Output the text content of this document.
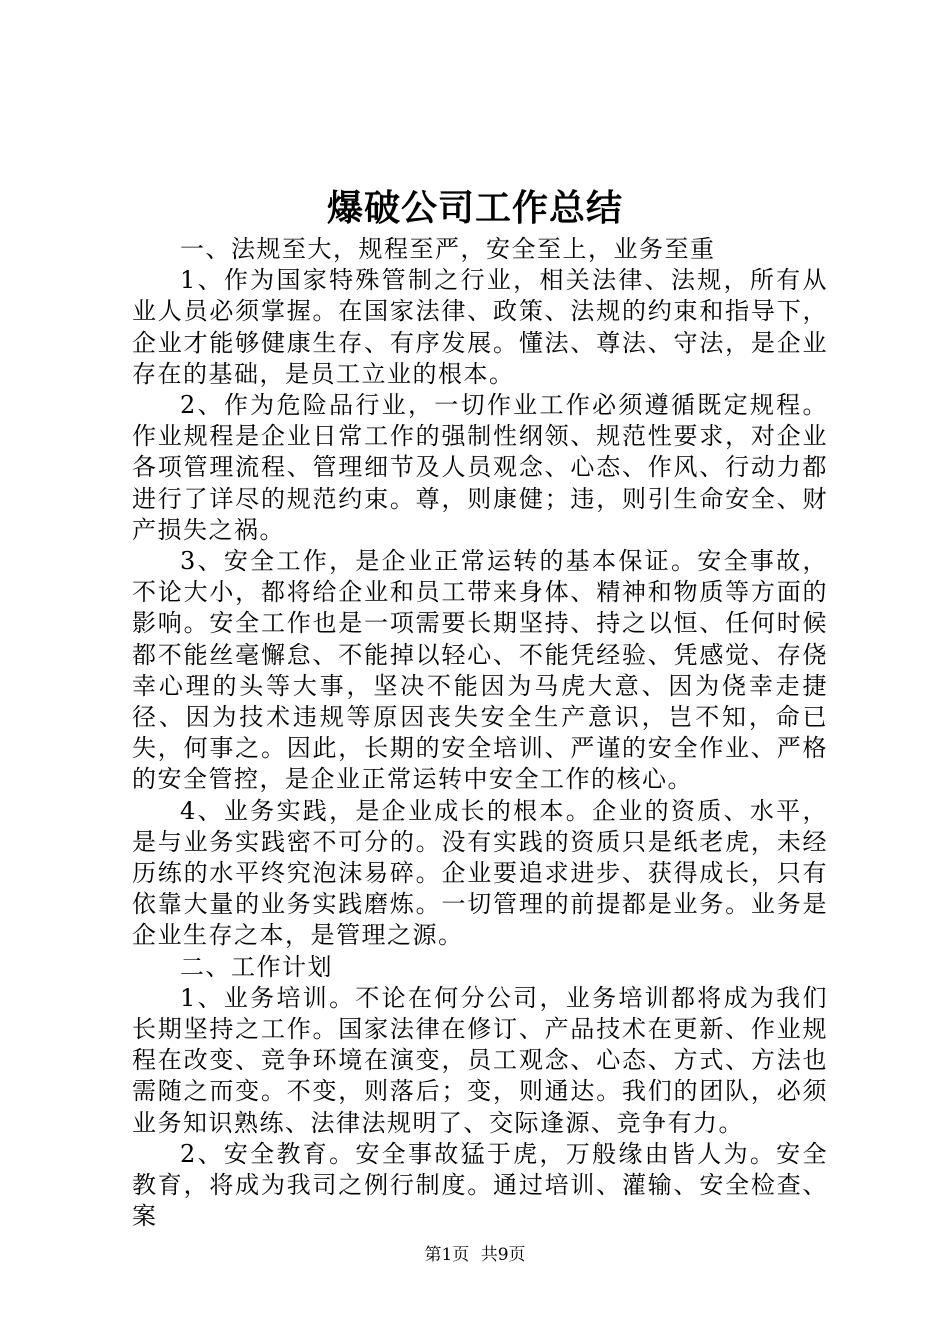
爆破公司工作总结

一、法规至大，规程至严，安全至上，业务至重

1、作为国家特殊管制之行业，相关法律、法规，所有从业人员必须掌握。在国家法律、政策、法规的约束和指导下，企业才能够健康生存、有序发展。懂法、尊法、守法，是企业存在的基础，是员工立业的根本。

2、作为危险品行业，一切作业工作必须遵循既定规程。作业规程是企业日常工作的强制性纲领、规范性要求，对企业各项管理流程、管理细节及人员观念、心态、作风、行动力都进行了详尽的规范约束。尊，则康健；违，则引生命安全、财产损失之祸。

3、安全工作，是企业正常运转的基本保证。安全事故，不论大小，都将给企业和员工带来身体、精神和物质等方面的影响。安全工作也是一项需要长期坚持、持之以恒、任何时候都不能丝毫懈怠、不能掉以轻心、不能凭经验、凭感觉、存侥幸心理的头等大事，坚决不能因为马虎大意、因为侥幸走捷径、因为技术违规等原因丧失安全生产意识，岂不知，命已失，何事之。因此，长期的安全培训、严谨的安全作业、严格的安全管控，是企业正常运转中安全工作的核心。

4、业务实践，是企业成长的根本。企业的资质、水平，是与业务实践密不可分的。没有实践的资质只是纸老虎，未经历练的水平终究泡沫易碎。企业要追求进步、获得成长，只有依靠大量的业务实践磨炼。一切管理的前提都是业务。业务是企业生存之本，是管理之源。

二、工作计划

1、业务培训。不论在何分公司，业务培训都将成为我们长期坚持之工作。国家法律在修订、产品技术在更新、作业规程在改变、竞争环境在演变，员工观念、心态、方式、方法也需随之而变。不变，则落后；变，则通达。我们的团队，必须业务知识熟练、法律法规明了、交际逢源、竞争有力。

2、安全教育。安全事故猛于虎，万般缘由皆人为。安全教育，将成为我司之例行制度。通过培训、灌输、安全检查、案

第1页 共9页
